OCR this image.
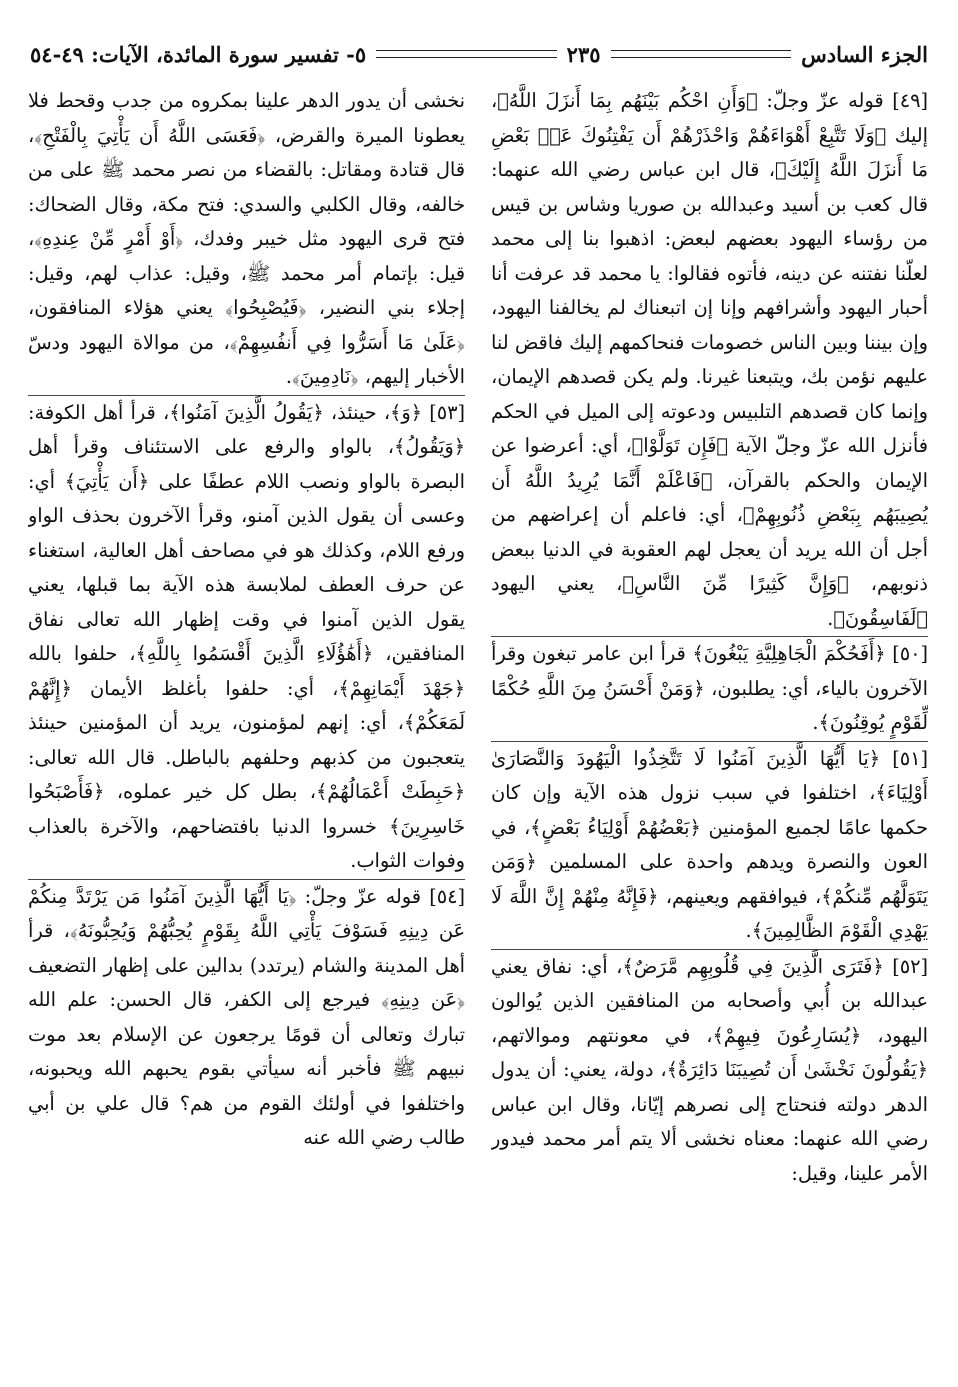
الجزء السادس
٢٣٥
٥- تفسير سورة المائدة، الآيات: ٤٩-٥٤

[٤٩] قوله عزّ وجلّ: ﴿وَأَنِ احْكُم بَيْنَهُم بِمَا أَنزَلَ اللَّهُ﴾، إليك ﴿وَلَا تَتَّبِعْ أَهْوَاءَهُمْ وَاحْذَرْهُمْ أَن يَفْتِنُوكَ عَنۢ بَعْضِ مَا أَنزَلَ اللَّهُ إِلَيْكَ﴾، قال ابن عباس رضي الله عنهما: قال كعب بن أسيد وعبدالله بن صوريا وشاس بن قيس من رؤساء اليهود بعضهم لبعض: اذهبوا بنا إلى محمد لعلّنا نفتنه عن دينه، فأتوه فقالوا: يا محمد قد عرفت أنا أحبار اليهود وأشرافهم وإنا إن اتبعناك لم يخالفنا اليهود، وإن بيننا وبين الناس خصومات فنحاكمهم إليك فاقض لنا عليهم نؤمن بك، ويتبعنا غيرنا. ولم يكن قصدهم الإيمان، وإنما كان قصدهم التلبيس ودعوته إلى الميل في الحكم فأنزل الله عزّ وجلّ الآية ﴿فَإِن تَوَلَّوْا﴾، أي: أعرضوا عن الإيمان والحكم بالقرآن، ﴿فَاعْلَمْ أَنَّمَا يُرِيدُ اللَّهُ أَن يُصِيبَهُم بِبَعْضِ ذُنُوبِهِمْ﴾، أي: فاعلم أن إعراضهم من أجل أن الله يريد أن يعجل لهم العقوبة في الدنيا ببعض ذنوبهم، ﴿وَإِنَّ كَثِيرًا مِّنَ النَّاسِ﴾، يعني اليهود ﴿لَفَاسِقُونَ﴾.

[٥٠] ﴿أَفَحُكْمَ الْجَاهِلِيَّةِ يَبْغُونَ﴾ قرأ ابن عامر تبغون وقرأ الآخرون بالياء، أي: يطلبون، ﴿وَمَنْ أَحْسَنُ مِنَ اللَّهِ حُكْمًا لِّقَوْمٍ يُوقِنُونَ﴾.

[٥١] ﴿يَا أَيُّهَا الَّذِينَ آمَنُوا لَا تَتَّخِذُوا الْيَهُودَ وَالنَّصَارَىٰ أَوْلِيَاءَ﴾، اختلفوا في سبب نزول هذه الآية وإن كان حكمها عامًا لجميع المؤمنين ﴿بَعْضُهُمْ أَوْلِيَاءُ بَعْضٍ﴾، في العون والنصرة ويدهم واحدة على المسلمين ﴿وَمَن يَتَوَلَّهُم مِّنكُمْ﴾، فيوافقهم ويعينهم، ﴿فَإِنَّهُ مِنْهُمْ إِنَّ اللَّهَ لَا يَهْدِي الْقَوْمَ الظَّالِمِينَ﴾.

[٥٢] ﴿فَتَرَى الَّذِينَ فِي قُلُوبِهِم مَّرَضٌ﴾، أي: نفاق يعني عبدالله بن أُبي وأصحابه من المنافقين الذين يُوالون اليهود، ﴿يُسَارِعُونَ فِيهِمْ﴾، في معونتهم وموالاتهم، ﴿يَقُولُونَ نَخْشَىٰ أَن تُصِيبَنَا دَائِرَةٌ﴾، دولة، يعني: أن يدول الدهر دولته فنحتاج إلى نصرهم إيّانا، وقال ابن عباس رضي الله عنهما: معناه نخشى ألا يتم أمر محمد فيدور الأمر علينا، وقيل:

نخشى أن يدور الدهر علينا بمكروه من جدب وقحط فلا يعطونا الميرة والقرض، ﴿فَعَسَى اللَّهُ أَن يَأْتِيَ بِالْفَتْحِ﴾، قال قتادة ومقاتل: بالقضاء من نصر محمد ﷺ على من خالفه، وقال الكلبي والسدي: فتح مكة، وقال الضحاك: فتح قرى اليهود مثل خيبر وفدك، ﴿أَوْ أَمْرٍ مِّنْ عِندِهِ﴾، قيل: بإتمام أمر محمد ﷺ، وقيل: عذاب لهم، وقيل: إجلاء بني النضير، ﴿فَيُصْبِحُوا﴾ يعني هؤلاء المنافقون، ﴿عَلَىٰ مَا أَسَرُّوا فِي أَنفُسِهِمْ﴾، من موالاة اليهود ودسّ الأخبار إليهم، ﴿نَادِمِينَ﴾.

[٥٣] ﴿وَ﴾، حينئذ، ﴿يَقُولُ الَّذِينَ آمَنُوا﴾، قرأ أهل الكوفة: ﴿وَيَقُولُ﴾، بالواو والرفع على الاستئناف وقرأ أهل البصرة بالواو ونصب اللام عطفًا على ﴿أَن يَأْتِيَ﴾ أي: وعسى أن يقول الذين آمنو، وقرأ الآخرون بحذف الواو ورفع اللام، وكذلك هو في مصاحف أهل العالية، استغناء عن حرف العطف لملابسة هذه الآية بما قبلها، يعني يقول الذين آمنوا في وقت إظهار الله تعالى نفاق المنافقين، ﴿أَهَٰؤُلَاءِ الَّذِينَ أَقْسَمُوا بِاللَّهِ﴾، حلفوا بالله ﴿جَهْدَ أَيْمَانِهِمْ﴾، أي: حلفوا بأغلظ الأيمان ﴿إِنَّهُمْ لَمَعَكُمْ﴾، أي: إنهم لمؤمنون، يريد أن المؤمنين حينئذ يتعجبون من كذبهم وحلفهم بالباطل. قال الله تعالى: ﴿حَبِطَتْ أَعْمَالُهُمْ﴾، بطل كل خير عملوه، ﴿فَأَصْبَحُوا خَاسِرِينَ﴾ خسروا الدنيا بافتضاحهم، والآخرة بالعذاب وفوات الثواب.

[٥٤] قوله عزّ وجلّ: ﴿يَا أَيُّهَا الَّذِينَ آمَنُوا مَن يَرْتَدَّ مِنكُمْ عَن دِينِهِ فَسَوْفَ يَأْتِي اللَّهُ بِقَوْمٍ يُحِبُّهُمْ وَيُحِبُّونَهُ﴾، قرأ أهل المدينة والشام (يرتدد) بدالين على إظهار التضعيف ﴿عَن دِينِهِ﴾ فيرجع إلى الكفر، قال الحسن: علم الله تبارك وتعالى أن قومًا يرجعون عن الإسلام بعد موت نبيهم ﷺ فأخبر أنه سيأتي بقوم يحبهم الله ويحبونه، واختلفوا في أولئك القوم من هم؟ قال علي بن أبي طالب رضي الله عنه
